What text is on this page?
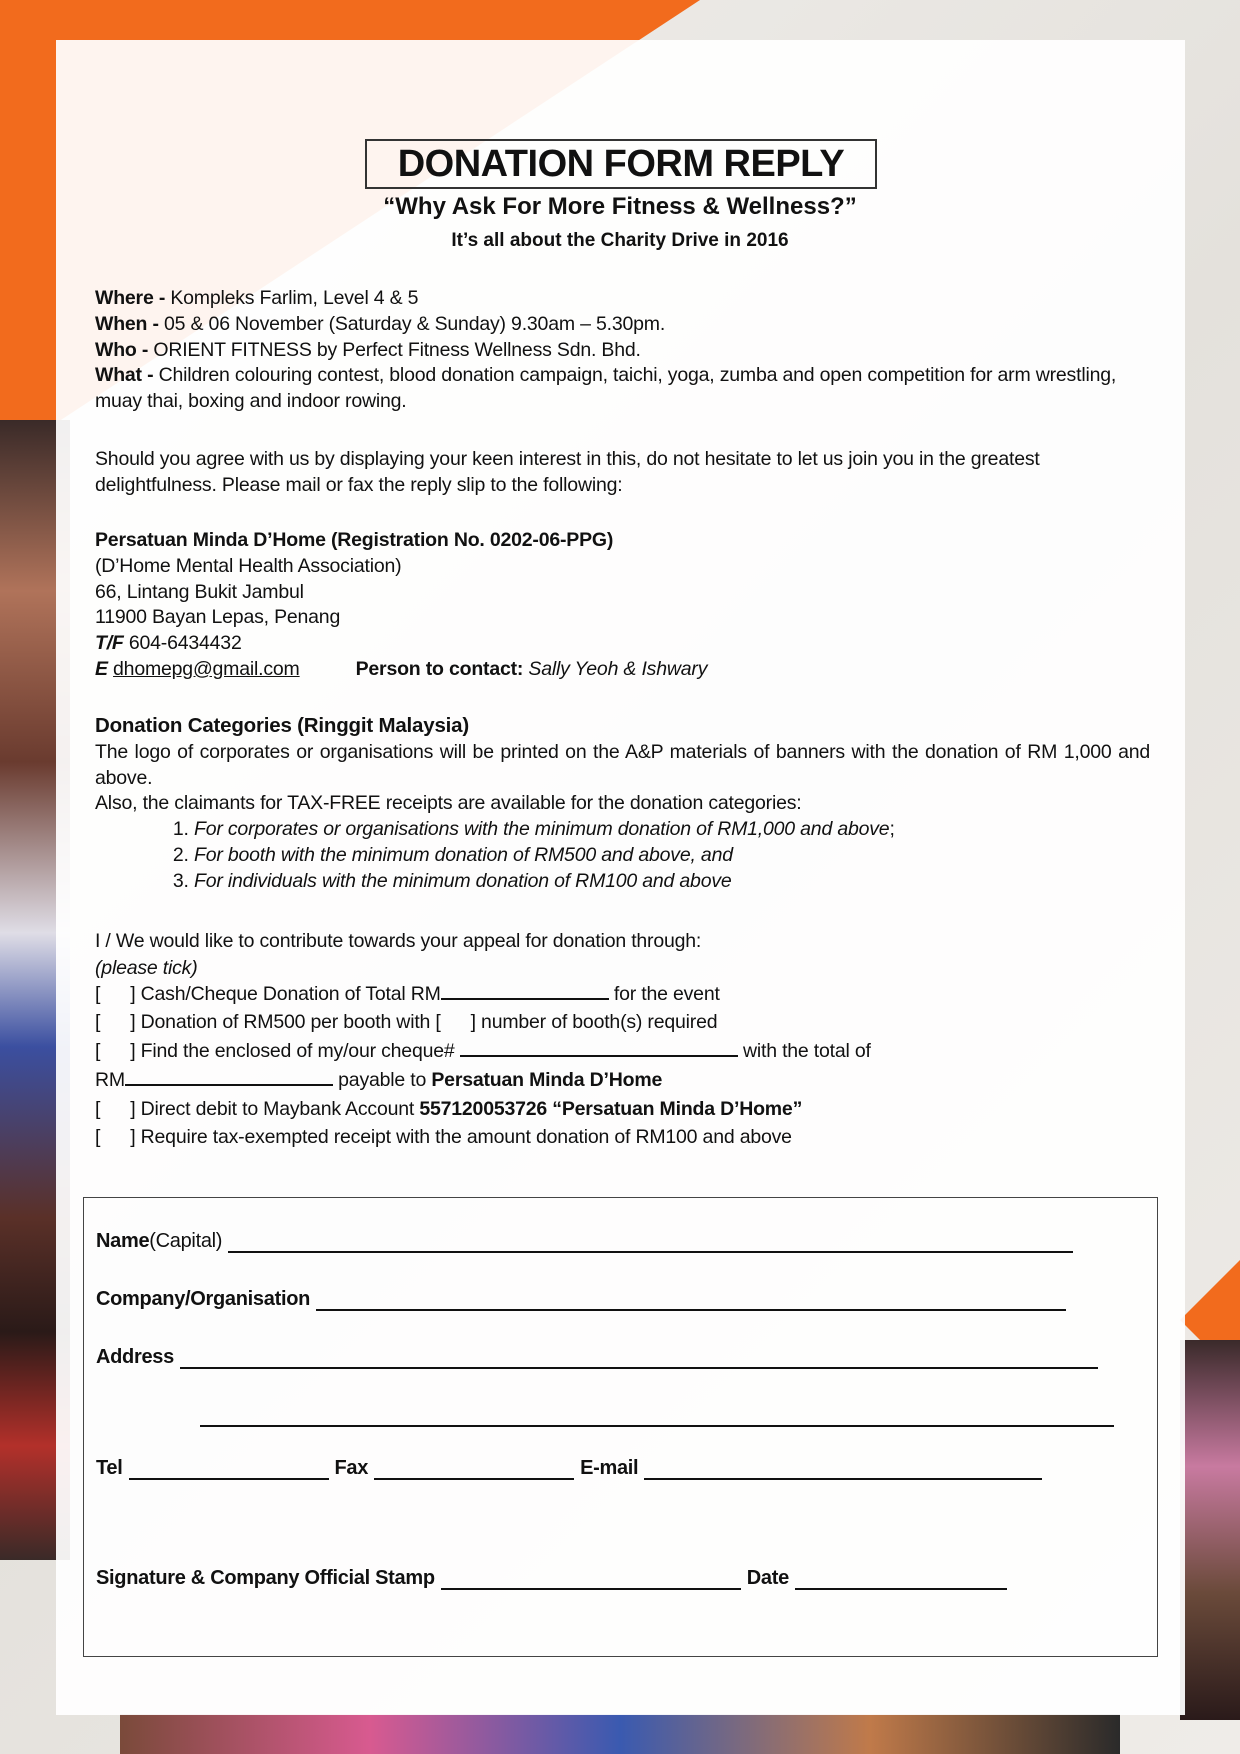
DONATION FORM REPLY
“Why Ask For More Fitness & Wellness?”
It’s all about the Charity Drive in 2016

Where - Kompleks Farlim, Level 4 & 5

When - 05 & 06 November (Saturday & Sunday) 9.30am – 5.30pm.

Who - ORIENT FITNESS by Perfect Fitness Wellness Sdn. Bhd.

What - Children colouring contest, blood donation campaign, taichi, yoga, zumba and open competition for arm wrestling, muay thai, boxing and indoor rowing.

Should you agree with us by displaying your keen interest in this, do not hesitate to let us join you in the greatest delightfulness. Please mail or fax the reply slip to the following:

Persatuan Minda D’Home (Registration No. 0202-06-PPG)

(D’Home Mental Health Association)

66, Lintang Bukit Jambul

11900 Bayan Lepas, Penang

T/F 604-6434432

E dhomepg@gmail.com	Person to contact: Sally Yeoh & Ishwary

Donation Categories (Ringgit Malaysia)

The logo of corporates or organisations will be printed on the A&P materials of banners with the donation of RM 1,000 and above.

Also, the claimants for TAX-FREE receipts are available for the donation categories:

1. For corporates or organisations with the minimum donation of RM1,000 and above;
2. For booth with the minimum donation of RM500 and above, and
3. For individuals with the minimum donation of RM100 and above

I / We would like to contribute towards your appeal for donation through:

(please tick)

[ ] Cash/Cheque Donation of Total RM	for the event

[ ] Donation of RM500 per booth with [ ] number of booth(s) required

[ ] Find the enclosed of my/our cheque#	with the total of

RM	payable to Persatuan Minda D’Home

[ ] Direct debit to Maybank Account 557120053726 “Persatuan Minda D’Home”

[ ] Require tax-exempted receipt with the amount donation of RM100 and above

Name (Capital)
Company/Organisation
Address
Tel	Fax	E-mail
Signature & Company Official Stamp	Date
